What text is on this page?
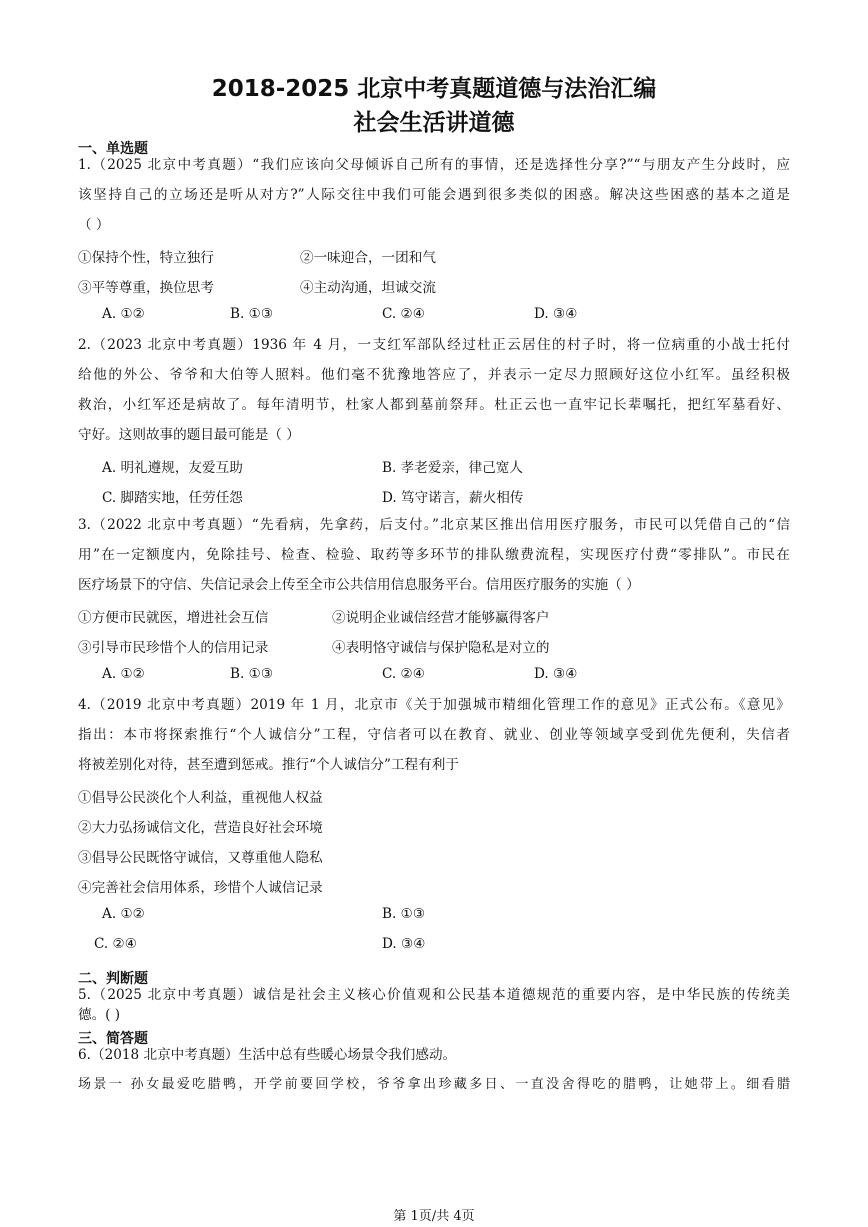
2018-2025 北京中考真题道德与法治汇编
社会生活讲道德
一、单选题
1.（2025 北京中考真题）“我们应该向父母倾诉自己所有的事情，还是选择性分享?”“与朋友产生分歧时，应
该坚持自己的立场还是听从对方?”人际交往中我们可能会遇到很多类似的困惑。解决这些困惑的基本之道是
（ ）
①保持个性，特立独行	②一味迎合，一团和气
③平等尊重，换位思考	④主动沟通，坦诚交流
A. ①②	B. ①③	C. ②④	D. ③④
2.（2023 北京中考真题）1936 年 4 月，一支红军部队经过杜正云居住的村子时，将一位病重的小战士托付
给他的外公、爷爷和大伯等人照料。他们毫不犹豫地答应了，并表示一定尽力照顾好这位小红军。虽经积极
救治，小红军还是病故了。每年清明节，杜家人都到墓前祭拜。杜正云也一直牢记长辈嘱托，把红军墓看好、
守好。这则故事的题目最可能是（ ）
A. 明礼遵规，友爱互助	B. 孝老爱亲，律己宽人
C. 脚踏实地，任劳任怨	D. 笃守诺言，薪火相传
3.（2022 北京中考真题）“先看病，先拿药，后支付。”北京某区推出信用医疗服务，市民可以凭借自己的“信
用”在一定额度内，免除挂号、检查、检验、取药等多环节的排队缴费流程，实现医疗付费“零排队”。市民在
医疗场景下的守信、失信记录会上传至全市公共信用信息服务平台。信用医疗服务的实施（ ）
①方便市民就医，增进社会互信	②说明企业诚信经营才能够赢得客户
③引导市民珍惜个人的信用记录	④表明恪守诚信与保护隐私是对立的
A. ①②	B. ①③	C. ②④	D. ③④
4.（2019 北京中考真题）2019 年 1 月，北京市《关于加强城市精细化管理工作的意见》正式公布。《意见》
指出：本市将探索推行“个人诚信分”工程，守信者可以在教育、就业、创业等领域享受到优先便利，失信者
将被差别化对待，甚至遭到惩戒。推行“个人诚信分”工程有利于
①倡导公民淡化个人利益，重视他人权益
②大力弘扬诚信文化，营造良好社会环境
③倡导公民既恪守诚信，又尊重他人隐私
④完善社会信用体系，珍惜个人诚信记录
A. ①②	B. ①③
C. ②④	D. ③④
二、判断题
5.（2025 北京中考真题）诚信是社会主义核心价值观和公民基本道德规范的重要内容，是中华民族的传统美
德。( )
三、简答题
6.（2018 北京中考真题）生活中总有些暖心场景令我们感动。
场景一 孙女最爱吃腊鸭，开学前要回学校，爷爷拿出珍藏多日、一直没舍得吃的腊鸭，让她带上。细看腊
第 1页/共 4页
